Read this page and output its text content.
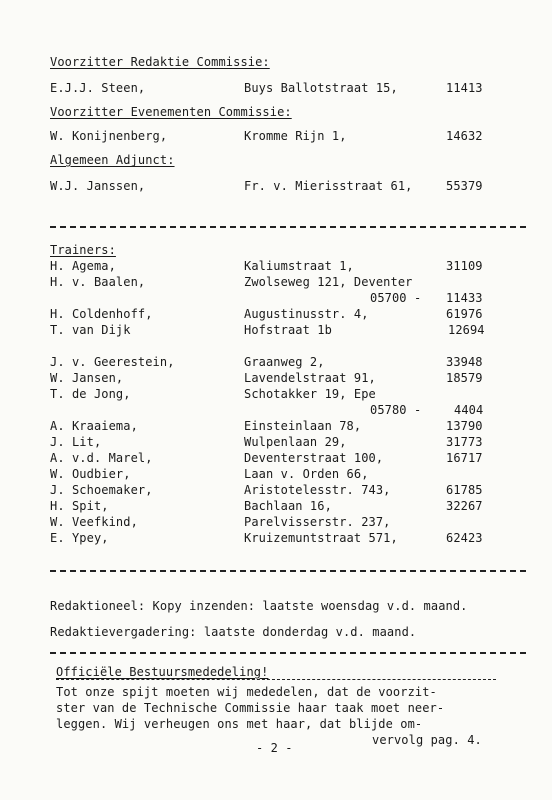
Voorzitter Redaktie Commissie:
E.J.J. Steen,	Buys Ballotstraat 15,	11413
Voorzitter Evenementen Commissie:
W. Konijnenberg,	Kromme Rijn 1,	14632
Algemeen Adjunct:
W.J. Janssen,	Fr. v. Mierisstraat 61,	55379
Trainers:
H. Agema,	Kaliumstraat 1,	31109
H. v. Baalen,	Zwolseweg 121, Deventer
05700 - 11433
H. Coldenhoff,	Augustinusstr. 4,	61976
T. van Dijk	Hofstraat 1b	12694
J. v. Geerestein,	Graanweg 2,	33948
W. Jansen,	Lavendelstraat 91,	18579
T. de Jong,	Schotakker 19, Epe
05780 -	4404
A. Kraaiema,	Einsteinlaan 78,	13790
J. Lit,	Wulpenlaan 29,	31773
A. v.d. Marel,	Deventerstraat 100,	16717
W. Oudbier,	Laan v. Orden 66,
J. Schoemaker,	Aristotelesstr. 743,	61785
H. Spit,	Bachlaan 16,	32267
W. Veefkind,	Parelvisserstr. 237,
E. Ypey,	Kruizemuntstraat 571,	62423
Redaktioneel: Kopy inzenden: laatste woensdag v.d. maand.
Redaktievergadering: laatste donderdag v.d. maand.
Officiële Bestuursmededeling!
Tot onze spijt moeten wij mededelen, dat de voorzit-
ster van de Technische Commissie haar taak moet neer-
leggen. Wij verheugen ons met haar, dat blijde om-
vervolg pag. 4.
- 2 -
